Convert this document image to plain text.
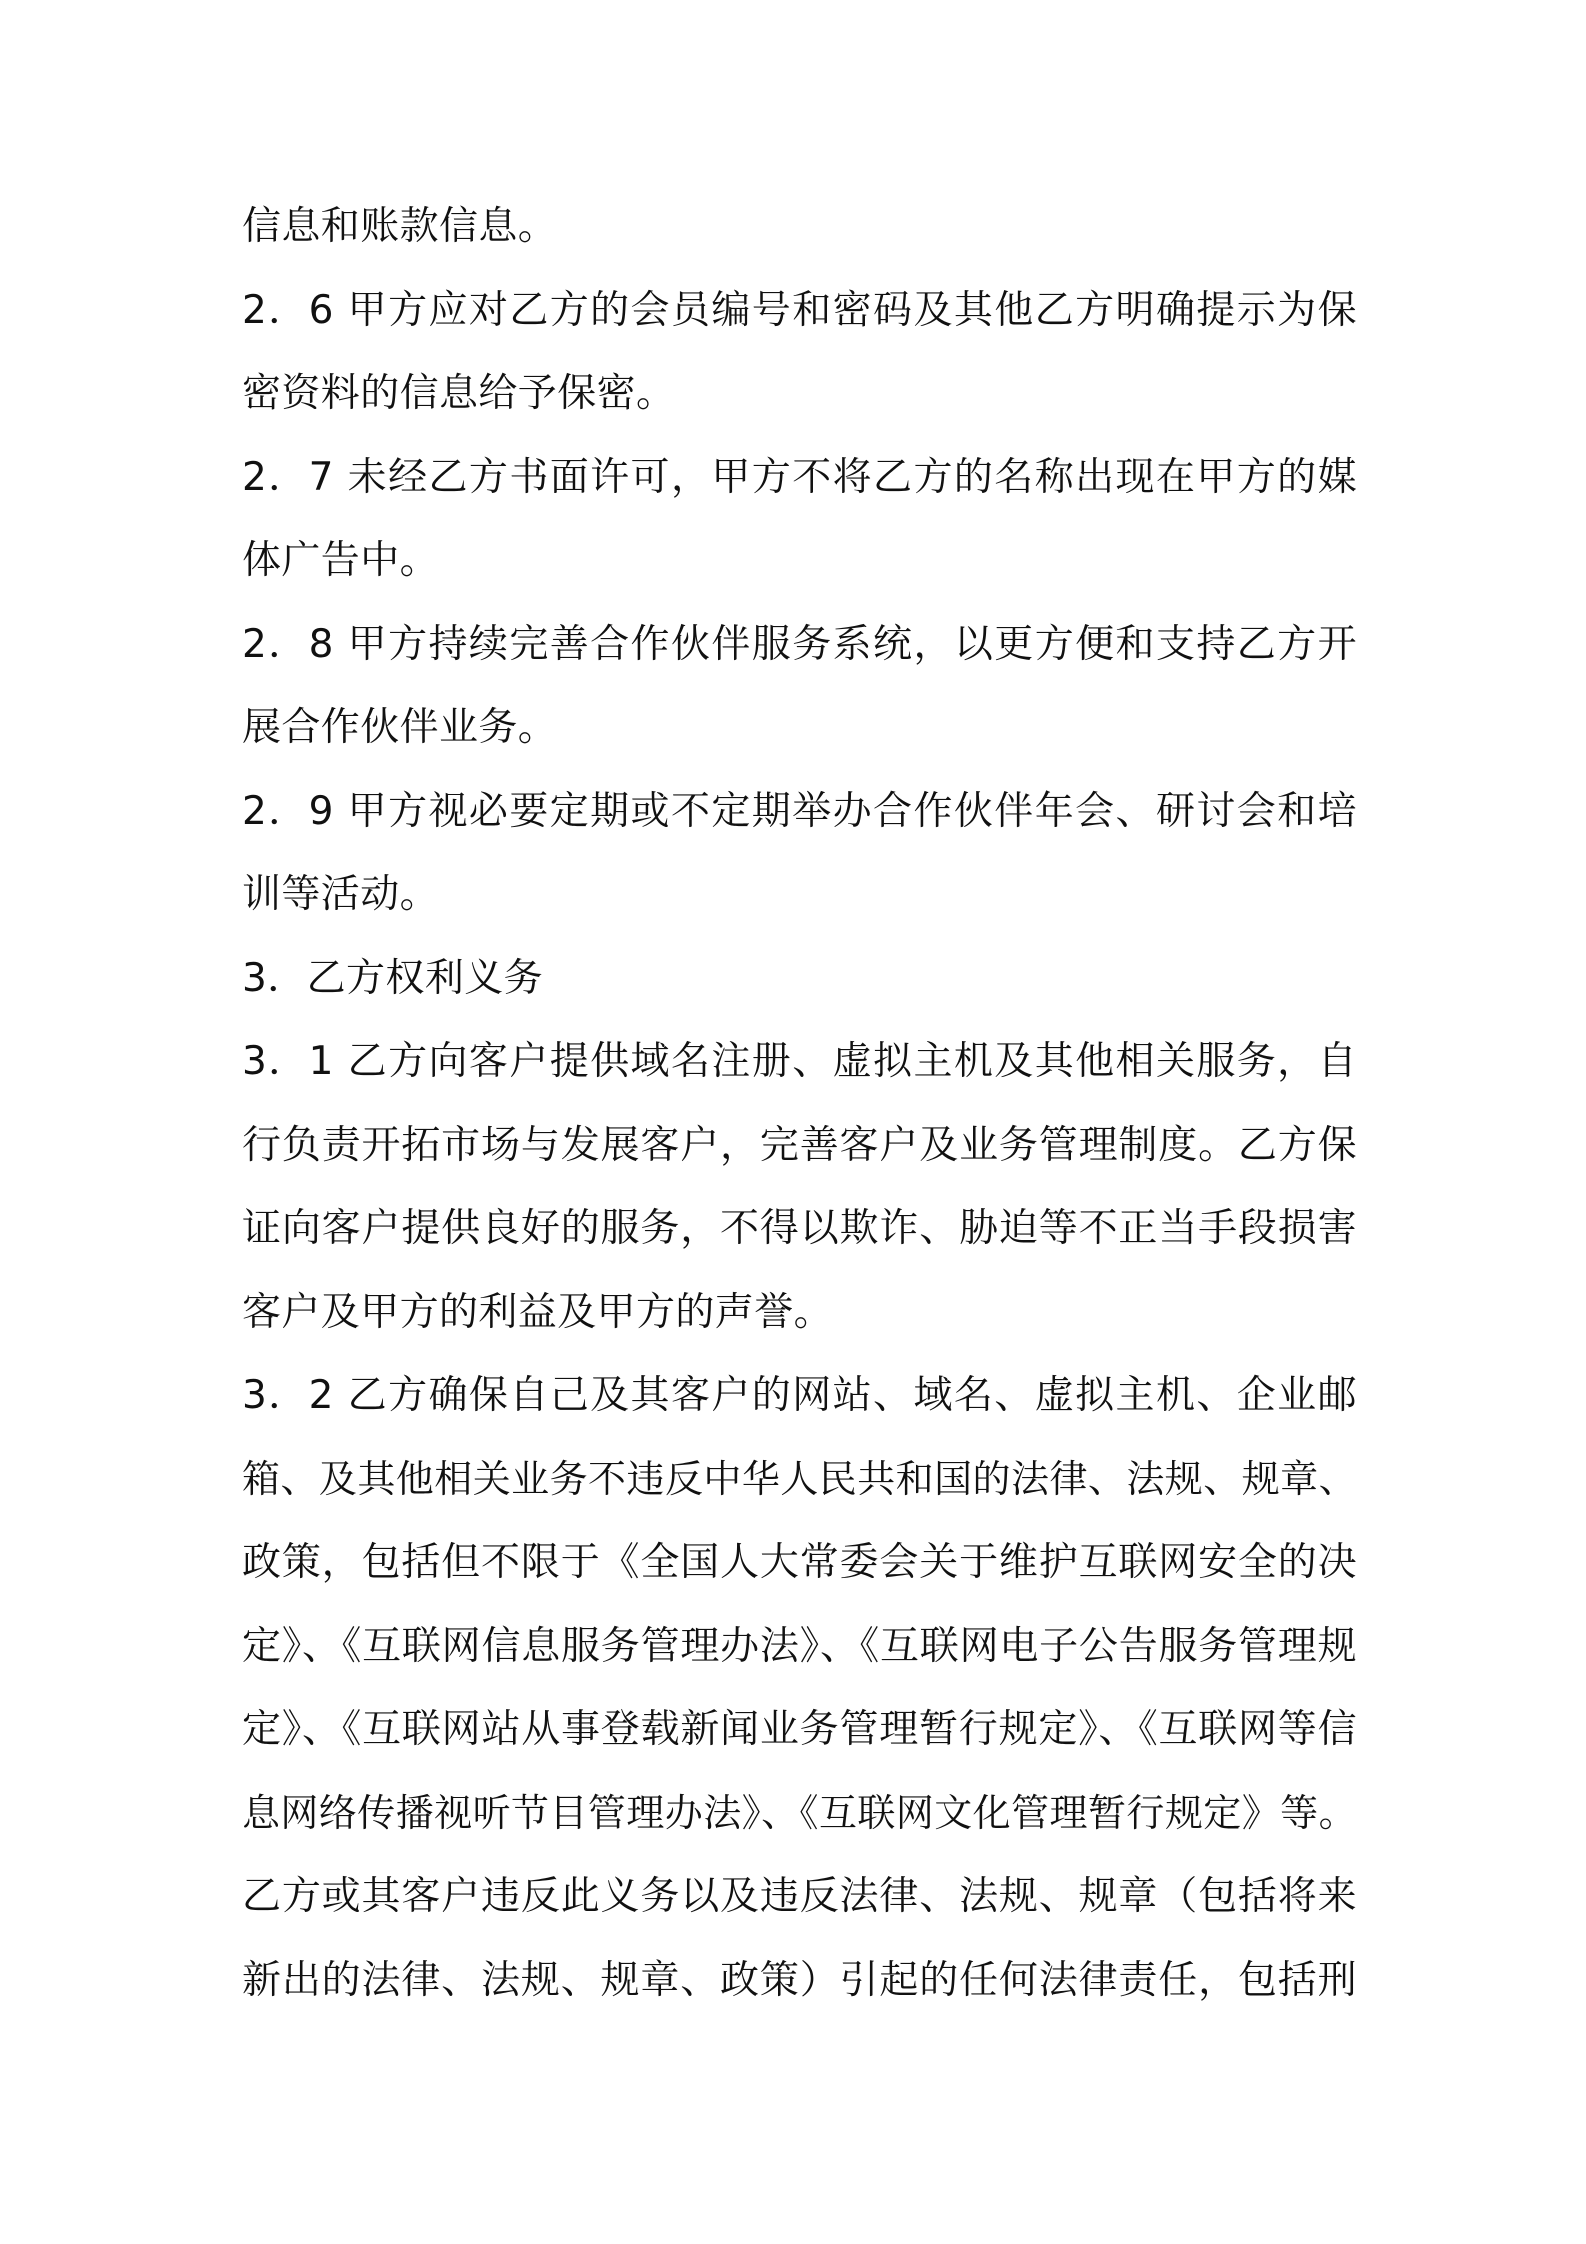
信息和账款信息。
2．6 甲方应对乙方的会员编号和密码及其他乙方明确提示为保
密资料的信息给予保密。
2．7 未经乙方书面许可，甲方不将乙方的名称出现在甲方的媒
体广告中。
2．8 甲方持续完善合作伙伴服务系统，以更方便和支持乙方开
展合作伙伴业务。
2．9 甲方视必要定期或不定期举办合作伙伴年会、研讨会和培
训等活动。
3．乙方权利义务
3．1 乙方向客户提供域名注册、虚拟主机及其他相关服务，自
行负责开拓市场与发展客户，完善客户及业务管理制度。乙方保
证向客户提供良好的服务，不得以欺诈、胁迫等不正当手段损害
客户及甲方的利益及甲方的声誉。
3．2 乙方确保自己及其客户的网站、域名、虚拟主机、企业邮
箱、及其他相关业务不违反中华人民共和国的法律、法规、规章、
政策，包括但不限于《全国人大常委会关于维护互联网安全的决
定》、《互联网信息服务管理办法》、《互联网电子公告服务管理规
定》、《互联网站从事登载新闻业务管理暂行规定》、《互联网等信
息网络传播视听节目管理办法》、《互联网文化管理暂行规定》等。
乙方或其客户违反此义务以及违反法律、法规、规章（包括将来
新出的法律、法规、规章、政策）引起的任何法律责任，包括刑
